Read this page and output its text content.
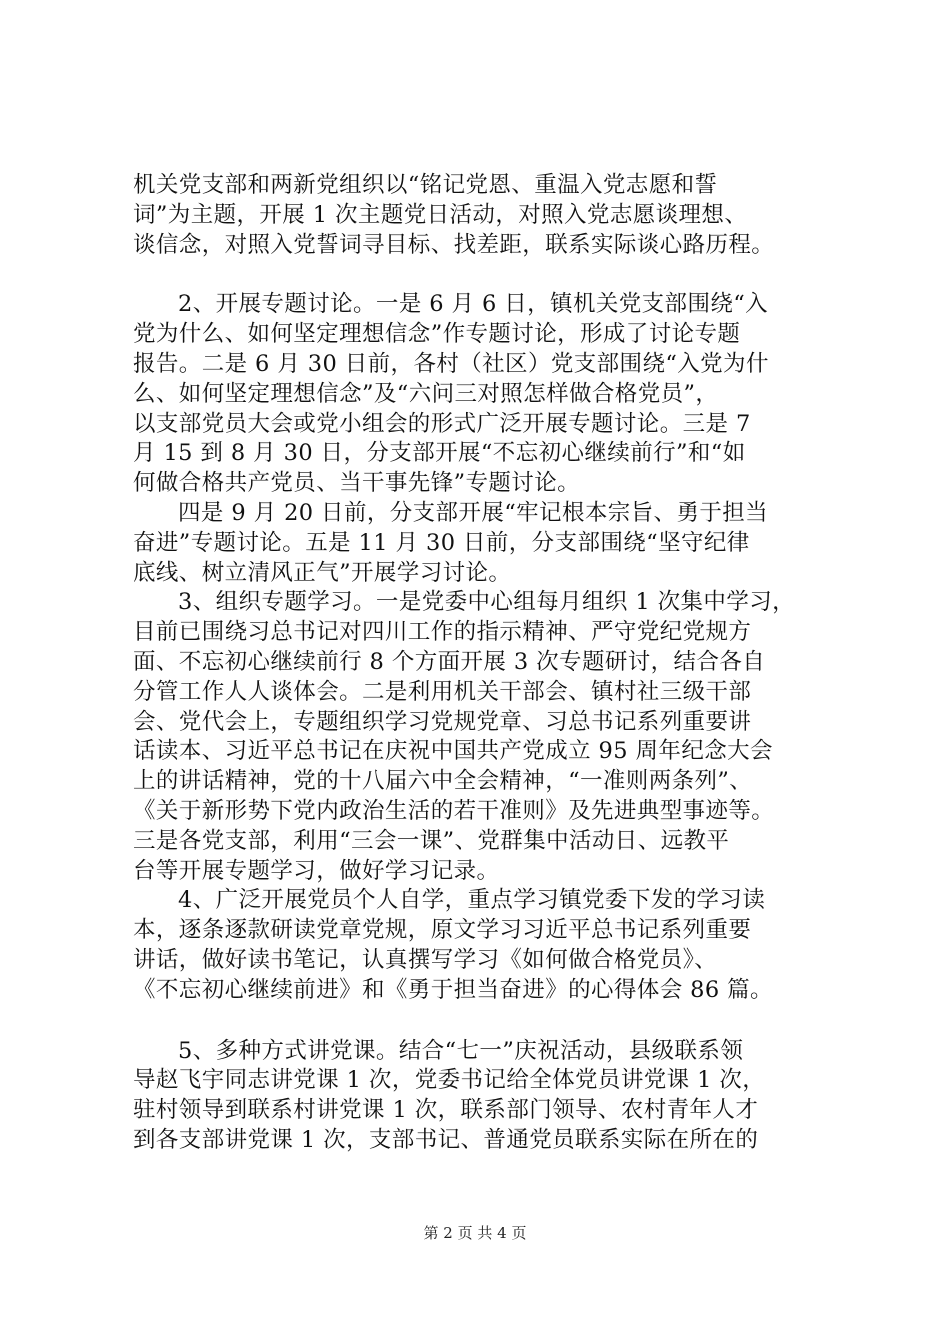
机关党支部和两新党组织以“铭记党恩、重温入党志愿和誓
词”为主题，开展 1 次主题党日活动，对照入党志愿谈理想、
谈信念，对照入党誓词寻目标、找差距，联系实际谈心路历程。

2、开展专题讨论。一是 6 月 6 日，镇机关党支部围绕“入
党为什么、如何坚定理想信念”作专题讨论，形成了讨论专题
报告。二是 6 月 30 日前，各村（社区）党支部围绕“入党为什
么、如何坚定理想信念”及“六问三对照怎样做合格党员”，
以支部党员大会或党小组会的形式广泛开展专题讨论。三是 7
月 15 到 8 月 30 日，分支部开展“不忘初心继续前行”和“如
何做合格共产党员、当干事先锋”专题讨论。

四是 9 月 20 日前，分支部开展“牢记根本宗旨、勇于担当
奋进”专题讨论。五是 11 月 30 日前，分支部围绕“坚守纪律
底线、树立清风正气”开展学习讨论。

3、组织专题学习。一是党委中心组每月组织 1 次集中学习，
目前已围绕习总书记对四川工作的指示精神、严守党纪党规方
面、不忘初心继续前行 8 个方面开展 3 次专题研讨，结合各自
分管工作人人谈体会。二是利用机关干部会、镇村社三级干部
会、党代会上，专题组织学习党规党章、习总书记系列重要讲
话读本、习近平总书记在庆祝中国共产党成立 95 周年纪念大会
上的讲话精神，党的十八届六中全会精神，“一准则两条列”、
《关于新形势下党内政治生活的若干准则》及先进典型事迹等。
三是各党支部，利用“三会一课”、党群集中活动日、远教平
台等开展专题学习，做好学习记录。

4、广泛开展党员个人自学，重点学习镇党委下发的学习读
本，逐条逐款研读党章党规，原文学习习近平总书记系列重要
讲话，做好读书笔记，认真撰写学习《如何做合格党员》、
《不忘初心继续前进》和《勇于担当奋进》的心得体会 86 篇。

5、多种方式讲党课。结合“七一”庆祝活动，县级联系领
导赵飞宇同志讲党课 1 次，党委书记给全体党员讲党课 1 次，
驻村领导到联系村讲党课 1 次，联系部门领导、农村青年人才
到各支部讲党课 1 次，支部书记、普通党员联系实际在所在的

第 2 页 共 4 页
